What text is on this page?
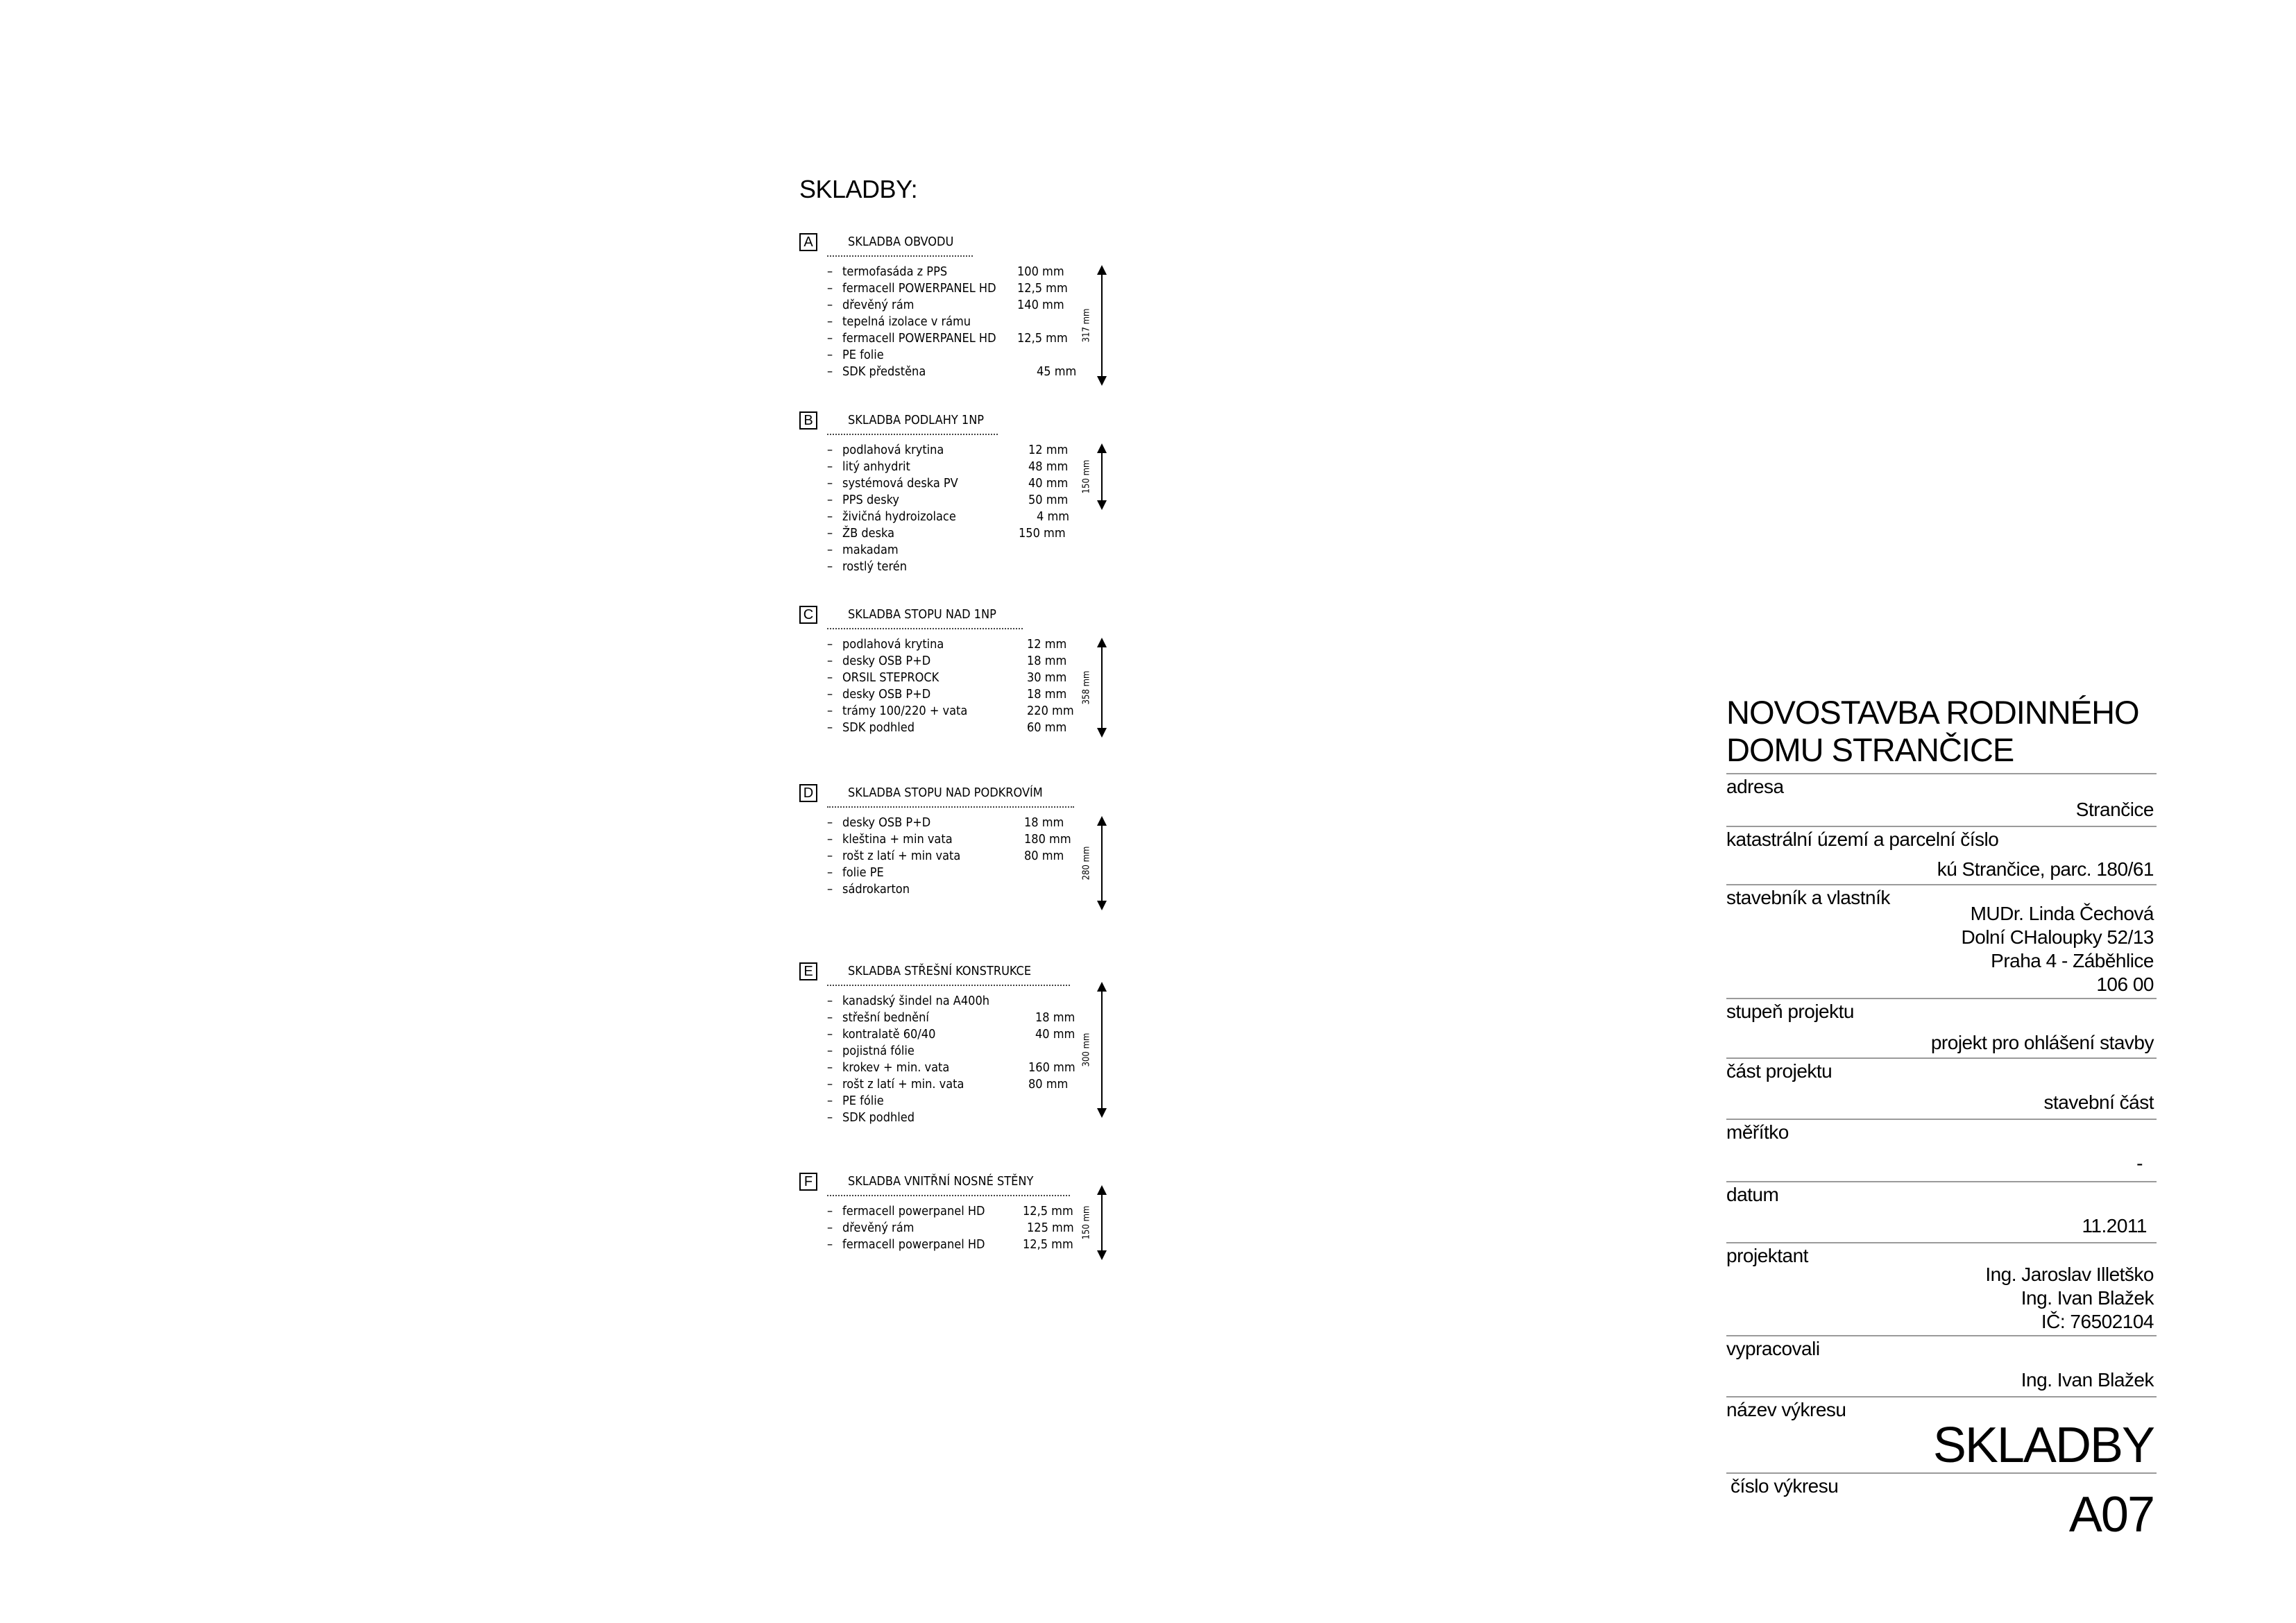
SKLADBY:
A	SKLADBA OBVODU
– termofasáda z PPS	100 mm
– fermacell POWERPANEL HD 12,5 mm
– dřevěný rám	140 mm
– tepelná izolace v rámu
– fermacell POWERPANEL HD 12,5 mm
– PE folie
– SDK předstěna	45 mm
317 mm
B	SKLADBA PODLAHY 1NP
– podlahová krytina	12 mm
– litý anhydrit	48 mm
– systémová deska PV	40 mm
– PPS desky	50 mm
– živičná hydroizolace	4 mm
– ŽB deska	150 mm
– makadam
– rostlý terén
150 mm
C	SKLADBA STOPU NAD 1NP
– podlahová krytina	12 mm
– desky OSB P+D	18 mm
– ORSIL STEPROCK	30 mm
– desky OSB P+D	18 mm
– trámy 100/220 + vata	220 mm
– SDK podhled	60 mm
358 mm
D	SKLADBA STOPU NAD PODKROVÍM
– desky OSB P+D	18 mm
– kleština + min vata	180 mm
– rošt z latí + min vata	80 mm
– folie PE
– sádrokarton
280 mm
E	SKLADBA STŘEŠNÍ KONSTRUKCE
– kanadský šindel na A400h
– střešní bednění	18 mm
– kontralatě 60/40	40 mm
– pojistná fólie
– krokev + min. vata	160 mm
– rošt z latí + min. vata	80 mm
– PE fólie
– SDK podhled
300 mm
F	SKLADBA VNITŘNÍ NOSNÉ STĚNY
– fermacell powerpanel HD	12,5 mm
– dřevěný rám	125 mm
– fermacell powerpanel HD	12,5 mm
150 mm
NOVOSTAVBA RODINNÉHO
DOMU STRANČICE
adresa
Strančice
katastrální území a parcelní číslo
kú Strančice, parc. 180/61
stavebník a vlastník
MUDr. Linda Čechová
Dolní CHaloupky 52/13
Praha 4 - Záběhlice
106 00
stupeň projektu
projekt pro ohlášení stavby
část projektu
stavební část
měřítko
-
datum
11.2011
projektant
Ing. Jaroslav Illetško
Ing. Ivan Blažek
IČ: 76502104
vypracovali
Ing. Ivan Blažek
název výkresu
SKLADBY
číslo výkresu
A07
